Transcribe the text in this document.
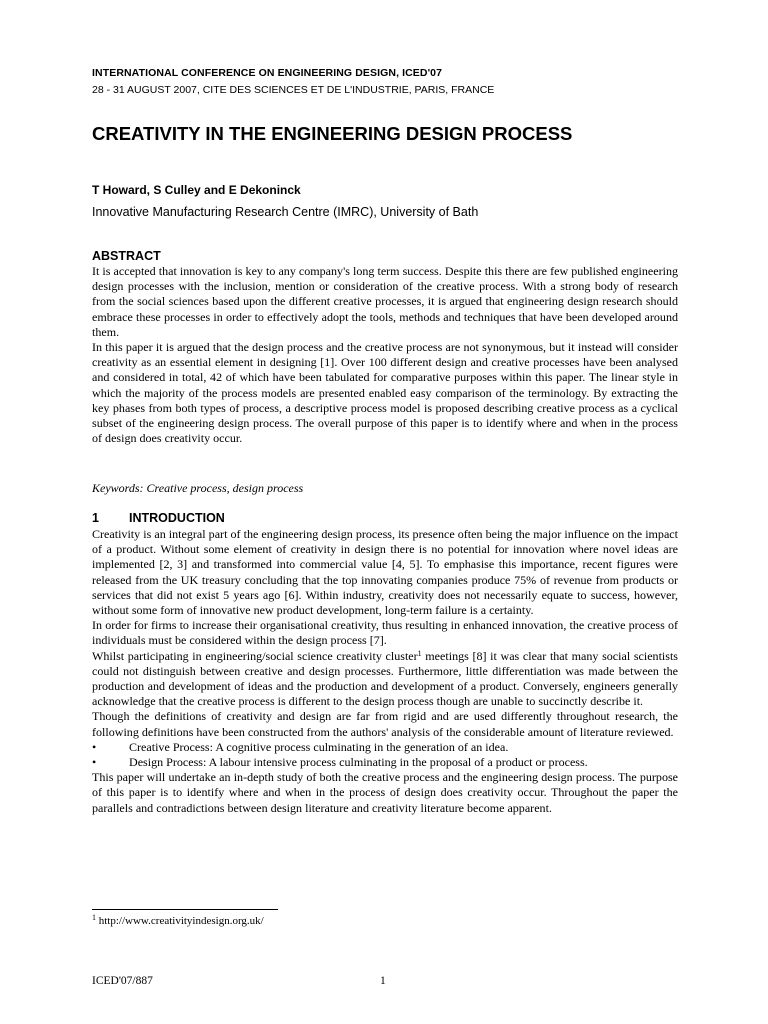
INTERNATIONAL CONFERENCE ON ENGINEERING DESIGN, ICED'07
28 - 31 AUGUST 2007, CITE DES SCIENCES ET DE L'INDUSTRIE, PARIS, FRANCE
CREATIVITY IN THE ENGINEERING DESIGN PROCESS
T Howard, S Culley and E Dekoninck
Innovative Manufacturing Research Centre (IMRC), University of Bath
ABSTRACT

It is accepted that innovation is key to any company's long term success. Despite this there are few published engineering design processes with the inclusion, mention or consideration of the creative process. With a strong body of research from the social sciences based upon the different creative processes, it is argued that engineering design research should embrace these processes in order to effectively adopt the tools, methods and techniques that have been developed around them.

In this paper it is argued that the design process and the creative process are not synonymous, but it instead will consider creativity as an essential element in designing [1]. Over 100 different design and creative processes have been analysed and considered in total, 42 of which have been tabulated for comparative purposes within this paper. The linear style in which the majority of the process models are presented enabled easy comparison of the terminology. By extracting the key phases from both types of process, a descriptive process model is proposed describing creative process as a cyclical subset of the engineering design process. The overall purpose of this paper is to identify where and when in the process of design does creativity occur.

Keywords: Creative process, design process
1 INTRODUCTION

Creativity is an integral part of the engineering design process, its presence often being the major influence on the impact of a product. Without some element of creativity in design there is no potential for innovation where novel ideas are implemented [2, 3] and transformed into commercial value [4, 5]. To emphasise this importance, recent figures were released from the UK treasury concluding that the top innovating companies produce 75% of revenue from products or services that did not exist 5 years ago [6]. Within industry, creativity does not necessarily equate to success, however, without some form of innovative new product development, long-term failure is a certainty.

In order for firms to increase their organisational creativity, thus resulting in enhanced innovation, the creative process of individuals must be considered within the design process [7].

Whilst participating in engineering/social science creativity cluster$^1$ meetings [8] it was clear that many social scientists could not distinguish between creative and design processes. Furthermore, little differentiation was made between the production and development of ideas and the production and development of a product. Conversely, engineers generally acknowledge that the creative process is different to the design process though are unable to succinctly describe it.

Though the definitions of creativity and design are far from rigid and are used differently throughout research, the following definitions have been constructed from the authors' analysis of the considerable amount of literature reviewed.

•	Creative Process: A cognitive process culminating in the generation of an idea.

•	Design Process: A labour intensive process culminating in the proposal of a product or process.

This paper will undertake an in-depth study of both the creative process and the engineering design process. The purpose of this paper is to identify where and when in the process of design does creativity occur. Throughout the paper the parallels and contradictions between design literature and creativity literature become apparent.

$^1$ http://www.creativityindesign.org.uk/
ICED'07/887	1
